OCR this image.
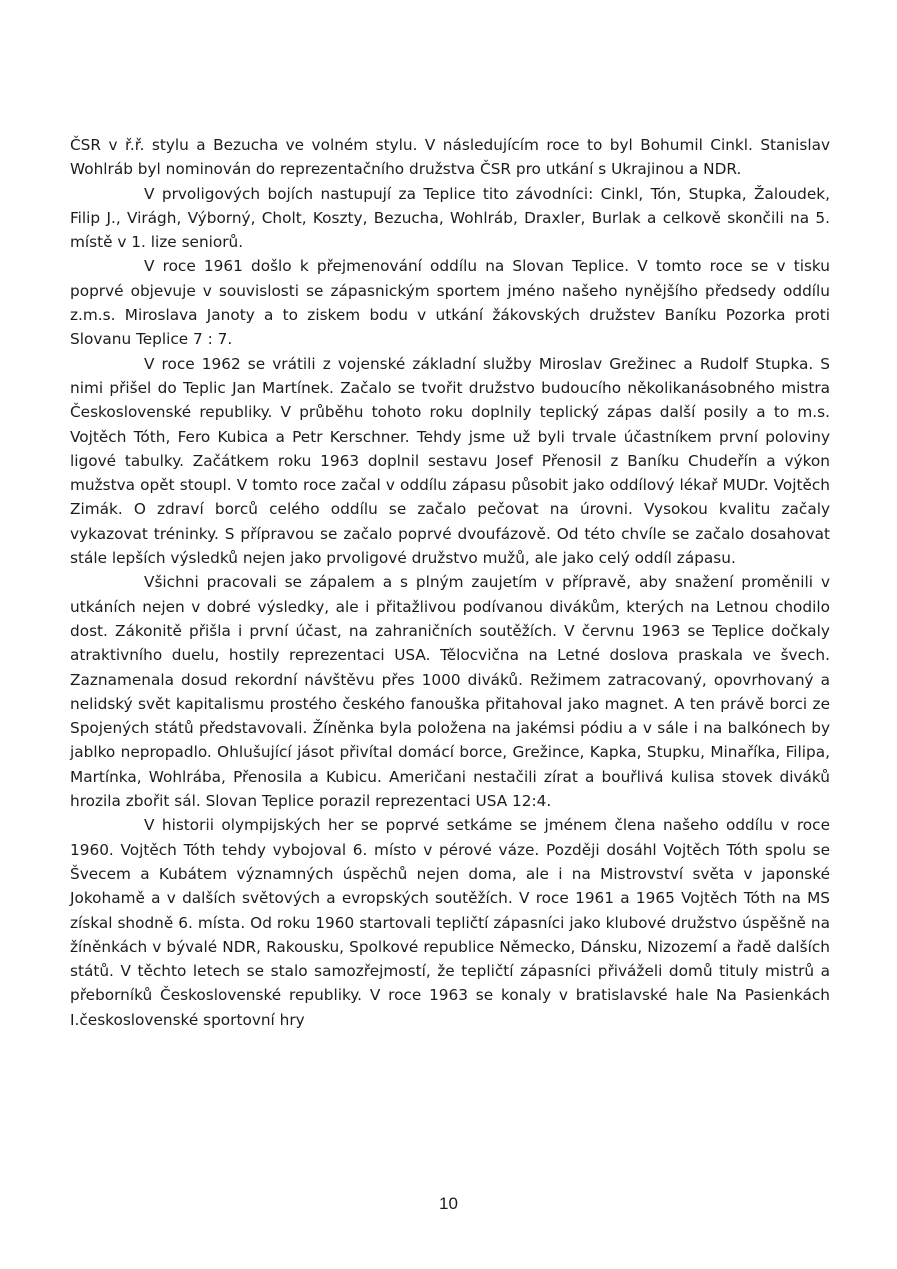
ČSR v ř.ř. stylu a Bezucha ve volném stylu. V následujícím roce to byl Bohumil Cinkl. Stanislav Wohlráb byl nominován do reprezentačního družstva ČSR pro utkání s Ukrajinou a NDR.

V prvoligových bojích nastupují za Teplice tito závodníci: Cinkl, Tón, Stupka, Žaloudek, Filip J., Virágh, Výborný, Cholt, Koszty, Bezucha, Wohlráb, Draxler, Burlak a celkově skončili na 5. místě v 1. lize seniorů.

V roce 1961 došlo k přejmenování oddílu na Slovan Teplice. V tomto roce se v tisku poprvé objevuje v souvislosti se zápasnickým sportem jméno našeho nynějšího předsedy oddílu z.m.s. Miroslava Janoty a to ziskem bodu v utkání žákovských družstev Baníku Pozorka proti Slovanu Teplice 7 : 7.

V roce 1962 se vrátili z vojenské základní služby Miroslav Grežinec a Rudolf Stupka. S nimi přišel do Teplic Jan Martínek. Začalo se tvořit družstvo budoucího několikanásobného mistra Československé republiky. V průběhu tohoto roku doplnily teplický zápas další posily a to m.s. Vojtěch Tóth, Fero Kubica a Petr Kerschner. Tehdy jsme už byli trvale účastníkem první poloviny ligové tabulky. Začátkem roku 1963 doplnil sestavu Josef Přenosil z Baníku Chudeřín a výkon mužstva opět stoupl. V tomto roce začal v oddílu zápasu působit jako oddílový lékař MUDr. Vojtěch Zimák. O zdraví borců celého oddílu se začalo pečovat na úrovni. Vysokou kvalitu začaly vykazovat tréninky. S přípravou se začalo poprvé dvoufázově. Od této chvíle se začalo dosahovat stále lepších výsledků nejen jako prvoligové družstvo mužů, ale jako celý oddíl zápasu.

Všichni pracovali se zápalem a s plným zaujetím v přípravě, aby snažení proměnili v utkáních nejen v dobré výsledky, ale i přitažlivou podívanou divákům, kterých na Letnou chodilo dost. Zákonitě přišla i první účast, na zahraničních soutěžích. V červnu 1963 se Teplice dočkaly atraktivního duelu, hostily reprezentaci USA. Tělocvična na Letné doslova praskala ve švech. Zaznamenala dosud rekordní návštěvu přes 1000 diváků. Režimem zatracovaný, opovrhovaný a nelidský svět kapitalismu prostého českého fanouška přitahoval jako magnet. A ten právě borci ze Spojených států představovali. Žíněnka byla položena na jakémsi pódiu a v sále i na balkónech by jablko nepropadlo. Ohlušující jásot přivítal domácí borce, Grežince, Kapka, Stupku, Minaříka, Filipa, Martínka, Wohlrába, Přenosila a Kubicu. Američani nestačili zírat a bouřlivá kulisa stovek diváků hrozila zbořit sál. Slovan Teplice porazil reprezentaci USA 12:4.

V historii olympijských her se poprvé setkáme se jménem člena našeho oddílu v roce 1960. Vojtěch Tóth tehdy vybojoval 6. místo v pérové váze. Později dosáhl Vojtěch Tóth spolu se Švecem a Kubátem významných úspěchů nejen doma, ale i na Mistrovství světa v japonské Jokohamě a v dalších světových a evropských soutěžích. V roce 1961 a 1965 Vojtěch Tóth na MS získal shodně 6. místa. Od roku 1960 startovali tepličtí zápasníci jako klubové družstvo úspěšně na žíněnkách v bývalé NDR, Rakousku, Spolkové republice Německo, Dánsku, Nizozemí a řadě dalších států. V těchto letech se stalo samozřejmostí, že tepličtí zápasníci přiváželi domů tituly mistrů a přeborníků Československé republiky. V roce 1963 se konaly v bratislavské hale Na Pasienkách I.československé sportovní hry

10
